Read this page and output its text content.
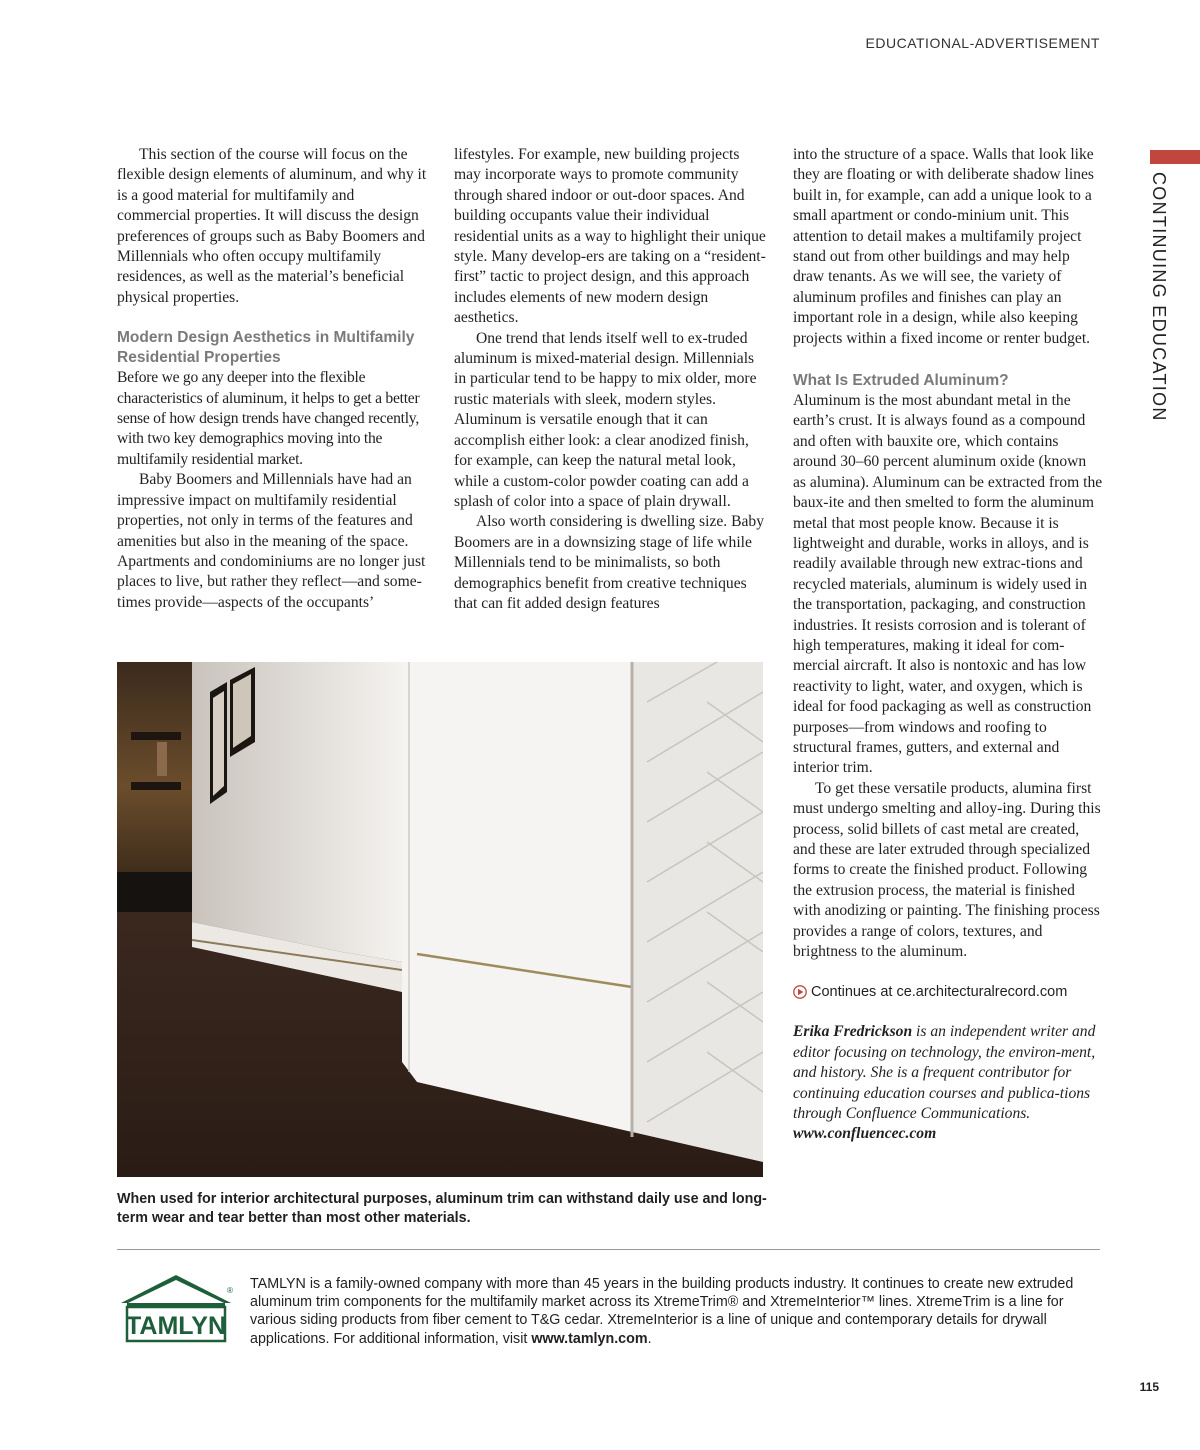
EDUCATIONAL-ADVERTISEMENT
CONTINUING EDUCATION

This section of the course will focus on the flexible design elements of aluminum, and why it is a good material for multifamily and commercial properties. It will discuss the design preferences of groups such as Baby Boomers and Millennials who often occupy multifamily residences, as well as the material’s beneficial physical properties.

Modern Design Aesthetics in Multifamily Residential Properties

Before we go any deeper into the flexible characteristics of aluminum, it helps to get a better sense of how design trends have changed recently, with two key demographics moving into the multifamily residential market.

Baby Boomers and Millennials have had an impressive impact on multifamily residential properties, not only in terms of the features and amenities but also in the meaning of the space. Apartments and condominiums are no longer just places to live, but rather they reflect—and some-times provide—aspects of the occupants’

lifestyles. For example, new building projects may incorporate ways to promote community through shared indoor or out-door spaces. And building occupants value their individual residential units as a way to highlight their unique style. Many develop-ers are taking on a “resident-first” tactic to project design, and this approach includes elements of new modern design aesthetics.

One trend that lends itself well to ex-truded aluminum is mixed-material design. Millennials in particular tend to be happy to mix older, more rustic materials with sleek, modern styles. Aluminum is versatile enough that it can accomplish either look: a clear anodized finish, for example, can keep the natural metal look, while a custom-color powder coating can add a splash of color into a space of plain drywall.

Also worth considering is dwelling size. Baby Boomers are in a downsizing stage of life while Millennials tend to be minimalists, so both demographics benefit from creative techniques that can fit added design features

into the structure of a space. Walls that look like they are floating or with deliberate shadow lines built in, for example, can add a unique look to a small apartment or condo-minium unit. This attention to detail makes a multifamily project stand out from other buildings and may help draw tenants. As we will see, the variety of aluminum profiles and finishes can play an important role in a design, while also keeping projects within a fixed income or renter budget.

What Is Extruded Aluminum?

Aluminum is the most abundant metal in the earth’s crust. It is always found as a compound and often with bauxite ore, which contains around 30–60 percent aluminum oxide (known as alumina). Aluminum can be extracted from the baux-ite and then smelted to form the aluminum metal that most people know. Because it is lightweight and durable, works in alloys, and is readily available through new extrac-tions and recycled materials, aluminum is widely used in the transportation, packaging, and construction industries. It resists corrosion and is tolerant of high temperatures, making it ideal for com-mercial aircraft. It also is nontoxic and has low reactivity to light, water, and oxygen, which is ideal for food packaging as well as construction purposes—from windows and roofing to structural frames, gutters, and external and interior trim.

To get these versatile products, alumina first must undergo smelting and alloy-ing. During this process, solid billets of cast metal are created, and these are later extruded through specialized forms to create the finished product. Following the extrusion process, the material is finished with anodizing or painting. The finishing process provides a range of colors, textures, and brightness to the aluminum.

Continues at ce.architecturalrecord.com

Erika Fredrickson is an independent writer and editor focusing on technology, the environ-ment, and history. She is a frequent contributor for continuing education courses and publica-tions through Confluence Communications. www.confluencec.com

When used for interior architectural purposes, aluminum trim can withstand daily use and long-term wear and tear better than most other materials.

TAMLYN
® TAMLYN is a family-owned company with more than 45 years in the building products industry. It continues to create new extruded aluminum trim components for the multifamily market across its XtremeTrim® and XtremeInterior™ lines. XtremeTrim is a line for various siding products from fiber cement to T&G cedar. XtremeInterior is a line of unique and contemporary details for drywall applications. For additional information, visit www.tamlyn.com.

115
